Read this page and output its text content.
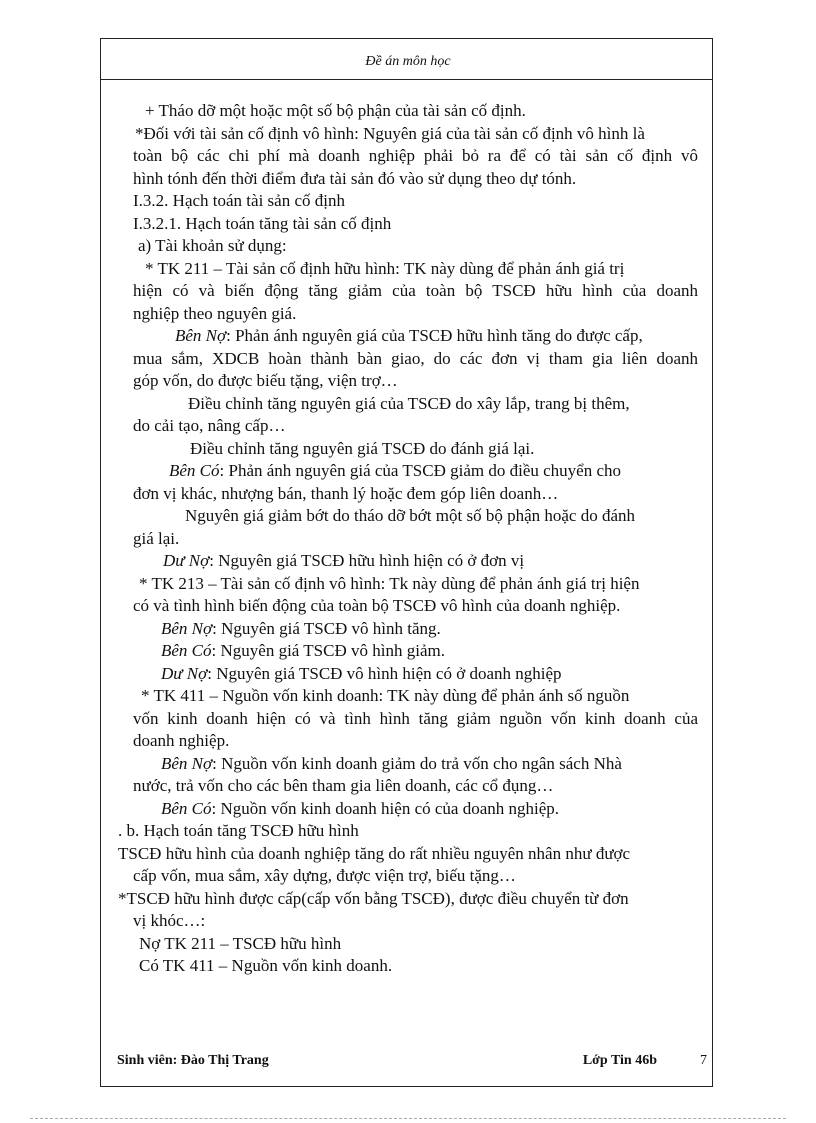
Đề án môn học
+ Tháo dỡ một hoặc một số bộ phận của tài sản cố định.
*Đối với tài sản cố định vô hình: Nguyên giá của tài sản cố định vô hình là
toàn bộ các chi phí mà doanh nghiệp phải bỏ ra để có tài sản cố định vô
hình tónh đến thời điểm đưa tài sản đó vào sử dụng theo dự tónh.
I.3.2. Hạch toán tài sản cố định
I.3.2.1. Hạch toán tăng tài sản cố định
a) Tài khoản sử dụng:
* TK 211 – Tài sản cố định hữu hình: TK này dùng để phản ánh giá trị
hiện có và biến động tăng giảm của toàn bộ TSCĐ hữu hình của doanh
nghiệp theo nguyên giá.
Bên Nợ: Phản ánh nguyên giá của TSCĐ hữu hình tăng do được cấp,
mua sắm, XDCB hoàn thành bàn giao, do các đơn vị tham gia liên doanh
góp vốn, do được biếu tặng, viện trợ…
Điều chỉnh tăng nguyên giá của TSCĐ do xây lắp, trang bị thêm,
do cải tạo, nâng cấp…
Điều chỉnh tăng nguyên giá TSCĐ do đánh giá lại.
Bên Có: Phản ánh nguyên giá của TSCĐ giảm do điều chuyển cho
đơn vị khác, nhượng bán, thanh lý hoặc đem góp liên doanh…
Nguyên giá giảm bớt do tháo dỡ bớt một số bộ phận hoặc do đánh
giá lại.
Dư Nợ: Nguyên giá TSCĐ hữu hình hiện có ở đơn vị
* TK 213 – Tài sản cố định vô hình: Tk này dùng để phản ánh giá trị hiện
có và tình hình biến động của toàn bộ TSCĐ vô hình của doanh nghiệp.
Bên Nợ: Nguyên giá TSCĐ vô hình tăng.
Bên Có: Nguyên giá TSCĐ vô hình giảm.
Dư Nợ: Nguyên giá TSCĐ vô hình hiện có ở doanh nghiệp
* TK 411 – Nguồn vốn kinh doanh: TK này dùng để phản ánh số nguồn
vốn kinh doanh hiện có và tình hình tăng giảm nguồn vốn kinh doanh của
doanh nghiệp.
Bên Nợ: Nguồn vốn kinh doanh giảm do trả vốn cho ngân sách Nhà
nước, trả vốn cho các bên tham gia liên doanh, các cổ đụng…
Bên Có: Nguồn vốn kinh doanh hiện có của doanh nghiệp.
. b. Hạch toán tăng TSCĐ hữu hình
TSCĐ hữu hình của doanh nghiệp tăng do rất nhiều nguyên nhân như được
cấp vốn, mua sắm, xây dựng, được viện trợ, biếu tặng…
*TSCĐ hữu hình được cấp(cấp vốn bằng TSCĐ), được điều chuyển từ đơn
vị khóc…:
Nợ TK 211 – TSCĐ hữu hình
Có TK 411 – Nguồn vốn kinh doanh.
Sinh viên: Đào Thị Trang	Lớp Tin 46b	7
